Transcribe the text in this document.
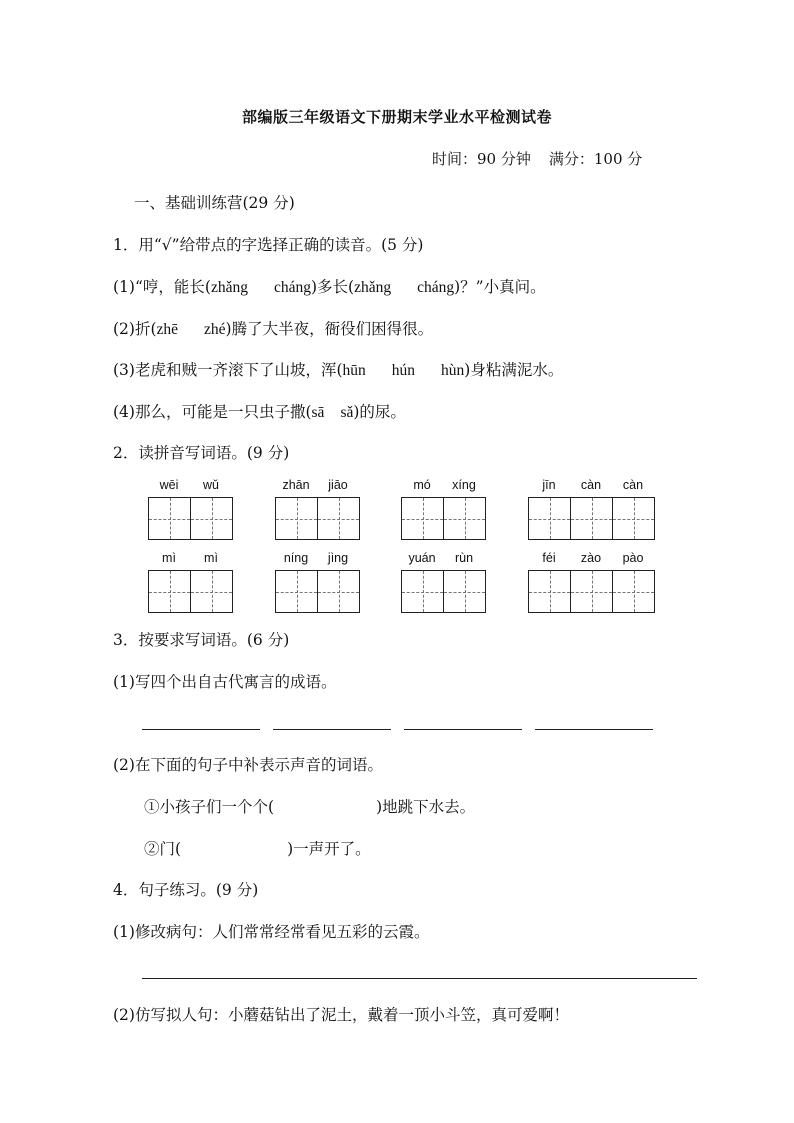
部编版三年级语文下册期末学业水平检测试卷
时间：90 分钟 满分：100 分
一、基础训练营(29 分)
1．用“√”给带点的字选择正确的读音。(5 分)
(1)“哼，能长(zhǎng cháng)多长(zhǎng cháng)？”小真问。
(2)折(zhē zhé)腾了大半夜，衙役们困得很。
(3)老虎和贼一齐滚下了山坡，浑(hūn hún hùn)身粘满泥水。
(4)那么，可能是一只虫子撒(sā sǎ)的尿。
2．读拼音写词语。(9 分)
wēi	wǔ	zhān	jiāo	mó	xíng	jīn	càn	càn
mì	mì	níng	jìng	yuán	rùn	féi	zào	pào
3．按要求写词语。(6 分)
(1)写四个出自古代寓言的成语。
(2)在下面的句子中补表示声音的词语。
①小孩子们一个个(	)地跳下水去。
②门(	)一声开了。
4．句子练习。(9 分)
(1)修改病句：人们常常经常看见五彩的云霞。
(2)仿写拟人句：小蘑菇钻出了泥土，戴着一顶小斗笠，真可爱啊！
